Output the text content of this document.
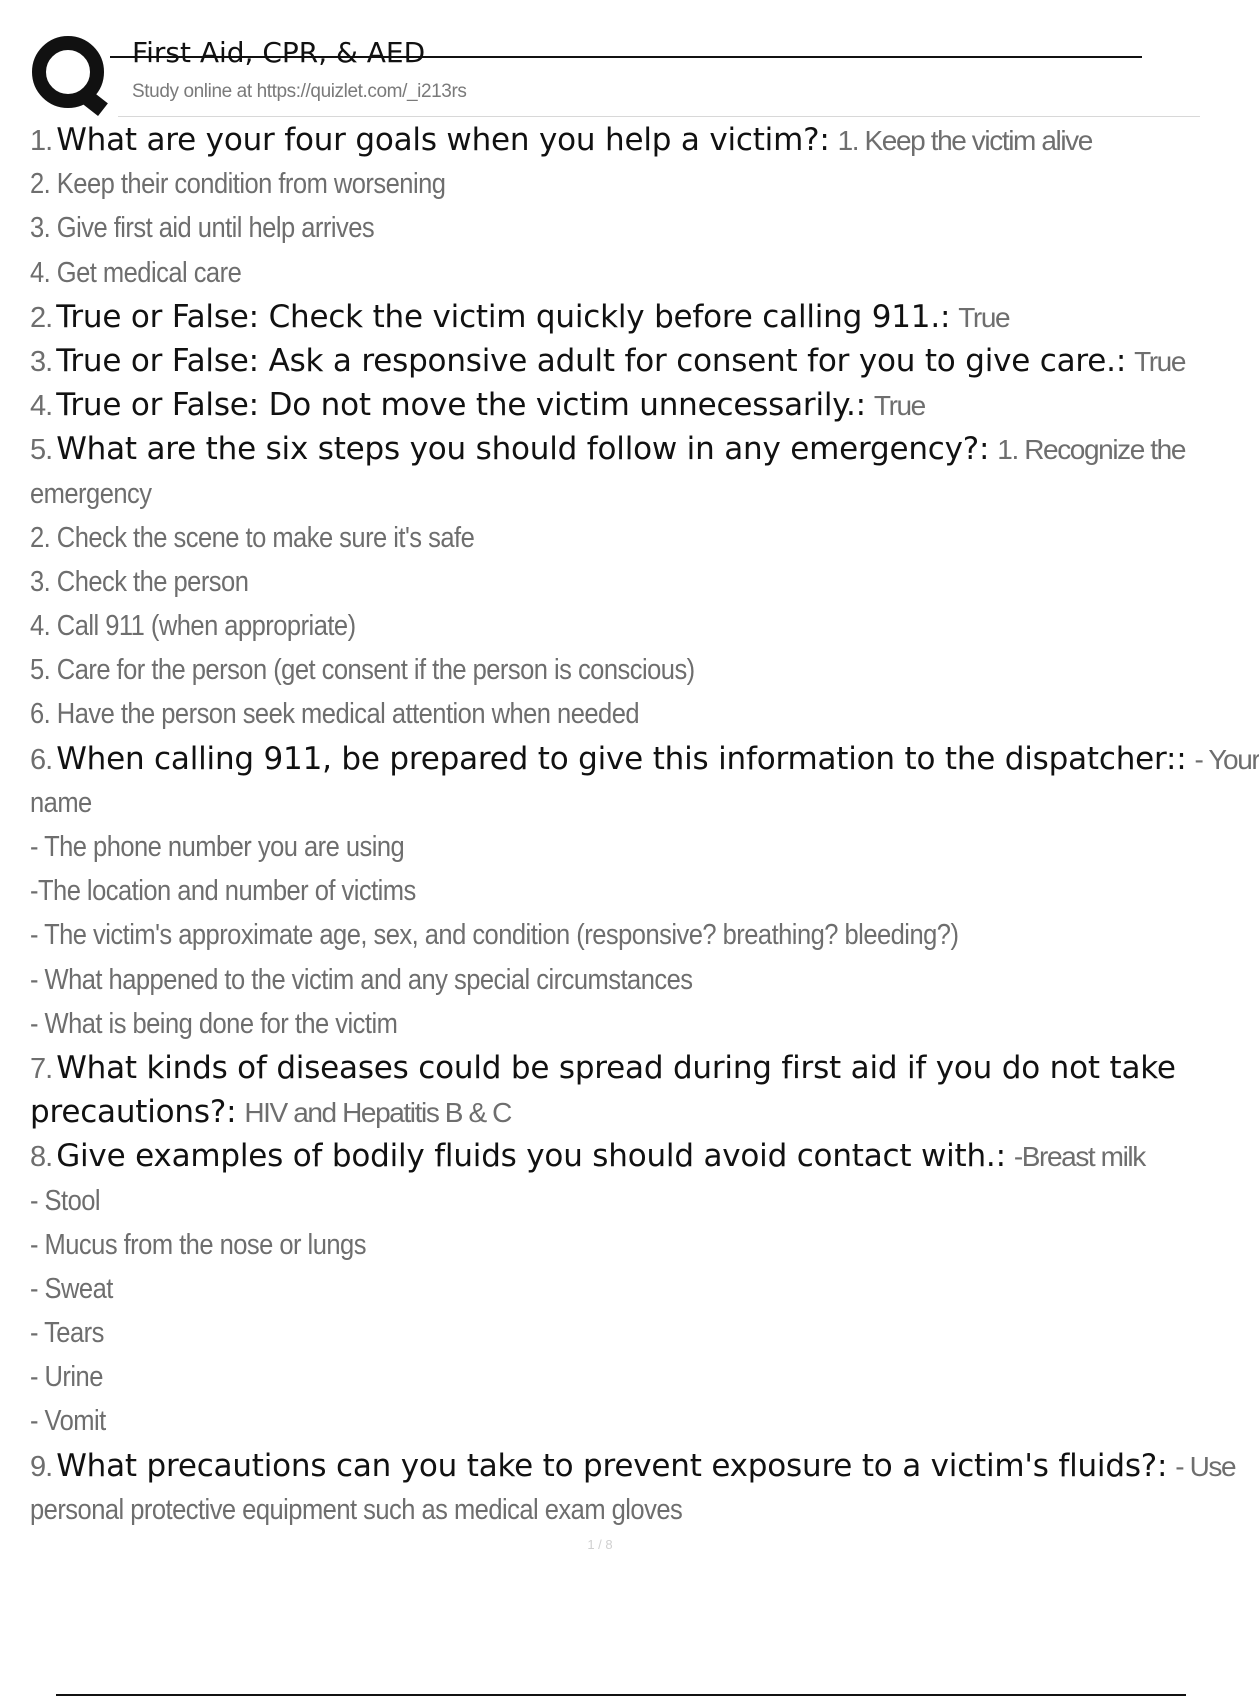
First Aid, CPR, & AED
Study online at https://quizlet.com/_i213rs
1. What are your four goals when you help a victim?: 1. Keep the victim alive
2. Keep their condition from worsening
3. Give first aid until help arrives
4. Get medical care
2. True or False: Check the victim quickly before calling 911.: True
3. True or False: Ask a responsive adult for consent for you to give care.: True
4. True or False: Do not move the victim unnecessarily.: True
5. What are the six steps you should follow in any emergency?: 1. Recognize the
emergency
2. Check the scene to make sure it's safe
3. Check the person
4. Call 911 (when appropriate)
5. Care for the person (get consent if the person is conscious)
6. Have the person seek medical attention when needed
6. When calling 911, be prepared to give this information to the dispatcher:: - Your
name
- The phone number you are using
-The location and number of victims
- The victim's approximate age, sex, and condition (responsive? breathing? bleeding?)
- What happened to the victim and any special circumstances
- What is being done for the victim
7. What kinds of diseases could be spread during first aid if you do not take
precautions?: HIV and Hepatitis B & C
8. Give examples of bodily fluids you should avoid contact with.: -Breast milk
- Stool
- Mucus from the nose or lungs
- Sweat
- Tears
- Urine
- Vomit
9. What precautions can you take to prevent exposure to a victim's fluids?: - Use
personal protective equipment such as medical exam gloves
1 / 8
